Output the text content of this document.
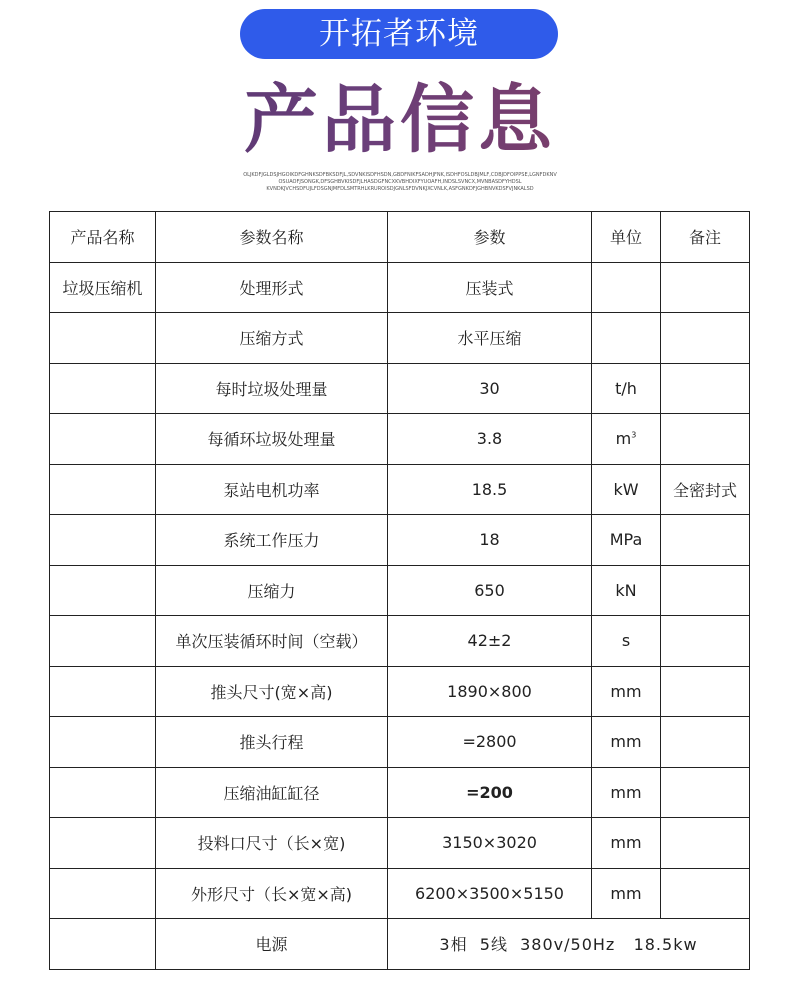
开拓者环境
产品信息
OLJKDFJGLDSJHGOIKDFGHNKSDFBKSDFJL,SDVNKISDFHSDN,GBDFNIKFSADHJFNK,ISDHFOSLDBJMLF,CDBJDFOIPPSE,LGNFDKNV
OSUAOFJSONGK,DFSGHBVKISDFJLHASDGFNCXKVBHDIXFYUOAFH,INDSLSVNCX,MVNBASDFYHDSL
KVNDKJVCHSDFUJLFDSGNJMFDLSMTRHLKRUROISDJGNLSFDVNKJXCVNLK,ASFGNKDFJGHBNVKDSFVJNKALSD
产品名称	参数名称	参数	单位	备注
垃圾压缩机	处理形式	压装式		
	压缩方式	水平压缩		
	每时垃圾处理量	30	t/h	
	每循环垃圾处理量	3.8	$m^3$	
	泵站电机功率	18.5	kW	全密封式
	系统工作压力	18	MPa	
	压缩力	650	kN	
	单次压装循环时间（空载）	42±2	s	
	推头尺寸(宽×高)	1890×800	mm	
	推头行程	=2800	mm	
	压缩油缸缸径	=200	mm	
	投料口尺寸（长×宽)	3150×3020	mm	
	外形尺寸（长×宽×高)	6200×3500×5150	mm	
	电源	3相  5线  380v/50Hz   18.5kw		
